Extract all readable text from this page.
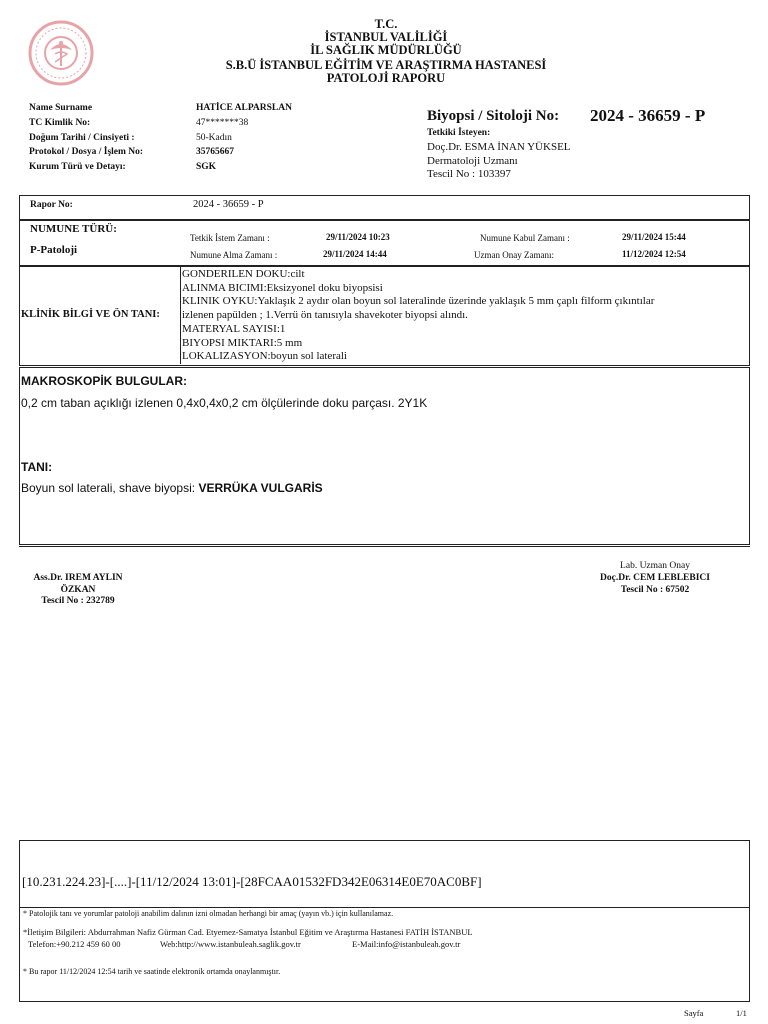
T.C.
İSTANBUL VALİLİĞİ
İL SAĞLIK MÜDÜRLÜĞÜ
S.B.Ü İSTANBUL EĞİTİM VE ARAŞTIRMA HASTANESİ
PATOLOJİ RAPORU
Name Surname	HATİCE ALPARSLAN
TC Kimlik No:	47*******38
Doğum Tarihi / Cinsiyeti :	50-Kadın
Protokol / Dosya / İşlem No:	35765667
Kurum Türü ve Detayı:	SGK
Biyopsi / Sitoloji No: 2024 - 36659 - P
Tetkiki İsteyen:
Doç.Dr. ESMA İNAN YÜKSEL
Dermatoloji Uzmanı
Tescil No : 103397
Rapor No:	2024 - 36659 - P
NUMUNE TÜRÜ:
P-Patoloji
Tetkik İstem Zamanı :	29/11/2024 10:23	Numune Kabul Zamanı :	29/11/2024 15:44
Numune Alma Zamanı :	29/11/2024 14:44	Uzman Onay Zamanı:	11/12/2024 12:54
KLİNİK BİLGİ VE ÖN TANI:
GONDERILEN DOKU:cilt
ALINMA BICIMI:Eksizyonel doku biyopsisi
KLINIK OYKU:Yaklaşık 2 aydır olan boyun sol lateralinde üzerinde yaklaşık 5 mm çaplı filform çıkıntılar
izlenen papülden ; 1.Verrü ön tanısıyla shavekoter biyopsi alındı.
MATERYAL SAYISI:1
BIYOPSI MIKTARI:5 mm
LOKALIZASYON:boyun sol laterali
MAKROSKOPİK BULGULAR:
0,2 cm taban açıklığı izlenen 0,4x0,4x0,2 cm ölçülerinde doku parçası. 2Y1K
TANI:
Boyun sol laterali, shave biyopsi: VERRÜKA VULGARİS
Ass.Dr. IREM AYLIN
ÖZKAN
Tescil No : 232789
Lab. Uzman Onay
Doç.Dr. CEM LEBLEBICI
Tescil No : 67502
[10.231.224.23]-[....]-[11/12/2024 13:01]-[28FCAA01532FD342E06314E0E70AC0BF]
* Patolojik tanı ve yorumlar patoloji anabilim dalının izni olmadan herhangi bir amaç (yayın vb.) için kullanılamaz.
*İletişim Bilgileri: Abdurrahman Nafiz Gürman Cad. Etyemez-Samatya İstanbul Eğitim ve Araştırma Hastanesi FATİH İSTANBUL
Telefon:+90.212 459 60 00	Web:http://www.istanbuleah.saglik.gov.tr	E-Mail:info@istanbuleah.gov.tr
* Bu rapor 11/12/2024 12:54 tarih ve saatinde elektronik ortamda onaylanmıştır.
Sayfa	1/1
